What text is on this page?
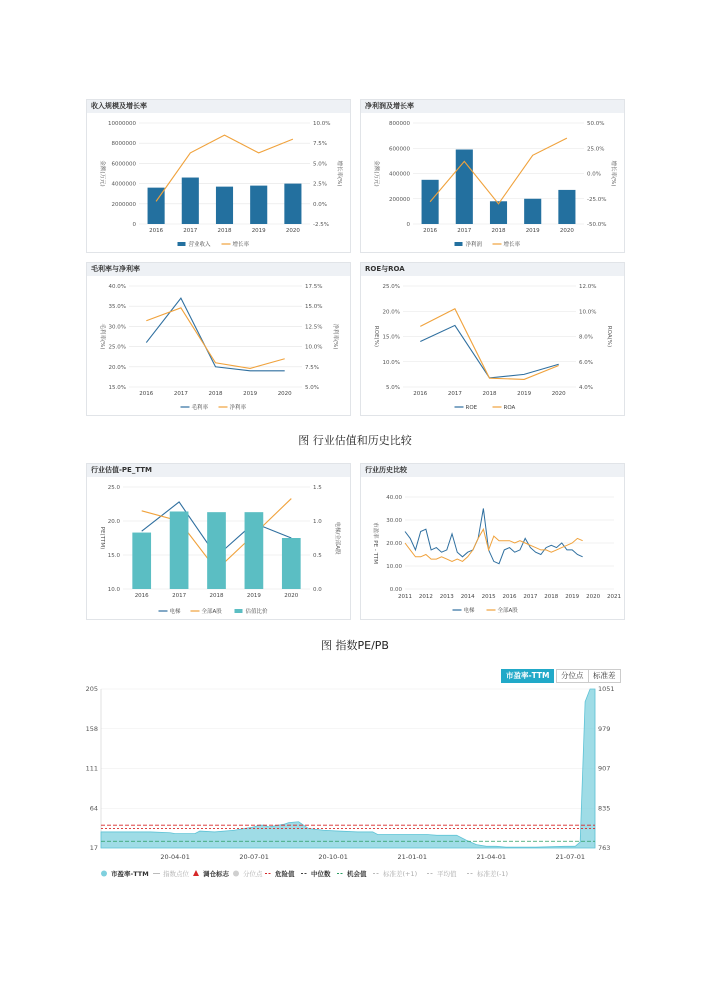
收入规模及增长率
0
2000000
4000000
6000000
8000000
10000000
-2.5%
0.0%
2.5%
5.0%
7.5%
10.0%
金额(万元)	增长率(%)
2016	2017	2018	2019	2020
营业收入	增长率
净利润及增长率
0
200000
400000
600000
800000
-50.0%
-25.0%
0.0%
25.0%
50.0%
金额(万元)	增长率(%)
2016	2017	2018	2019	2020
净利润	增长率
毛利率与净利率
15.0%
20.0%
25.0%
30.0%
35.0%
40.0%
5.0%
7.5%
10.0%
12.5%
15.0%
17.5%
毛利率(%)	净利率(%)
2016	2017	2018	2019	2020
毛利率	净利率
ROE与ROA
5.0%
10.0%
15.0%
20.0%
25.0%
4.0%
6.0%
8.0%
10.0%
12.0%
ROE(%)	ROA(%)
2016	2017	2018	2019	2020
ROE	ROA
图 行业估值和历史比较
行业估值-PE_TTM
10.0
15.0
20.0
25.0
0.0
0.5
1.0
1.5
PE(TTM)	电梯/全部A股
2016	2017	2018	2019	2020
电梯	全部A股	估值比价
行业历史比较
0.00
10.00
20.00
30.00
40.00
2011 2012 2013 2014 2015 2016 2017 2018 2019 2020 2021
市盈率 PE - TTM
电梯	全部A股
图 指数PE/PB
市盈率-TTM	分位点	标准差
17
64
111
158
205
763
835
907
979
1051
20-04-01	20-07-01	20-10-01	21-01-01	21-04-01	21-07-01
市盈率-TTM 指数点位 调仓标志 分位点 危险值	中位数	机会值	标准差(+1)	平均值	标准差(-1)
